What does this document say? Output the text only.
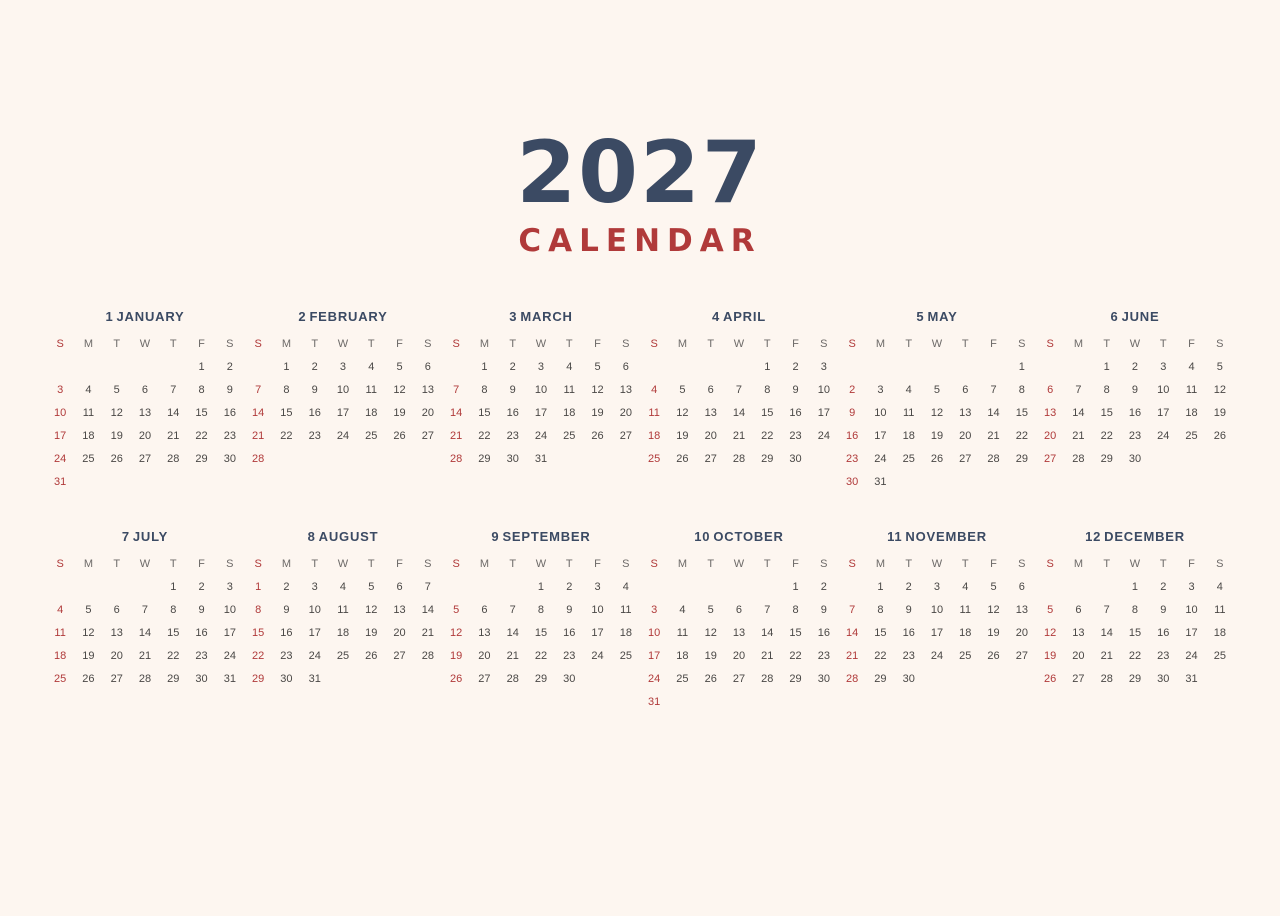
2027
CALENDAR
1 JANUARY
S	M	T	W	T	F	S
					1	2
3	4	5	6	7	8	9
10	11	12	13	14	15	16
17	18	19	20	21	22	23
24	25	26	27	28	29	30
31						
2 FEBRUARY
S	M	T	W	T	F	S
	1	2	3	4	5	6
7	8	9	10	11	12	13
14	15	16	17	18	19	20
21	22	23	24	25	26	27
28						
3 MARCH
S	M	T	W	T	F	S
	1	2	3	4	5	6
7	8	9	10	11	12	13
14	15	16	17	18	19	20
21	22	23	24	25	26	27
28	29	30	31			
4 APRIL
S	M	T	W	T	F	S
				1	2	3
4	5	6	7	8	9	10
11	12	13	14	15	16	17
18	19	20	21	22	23	24
25	26	27	28	29	30	
5 MAY
S	M	T	W	T	F	S
						1
2	3	4	5	6	7	8
9	10	11	12	13	14	15
16	17	18	19	20	21	22
23	24	25	26	27	28	29
30	31					
6 JUNE
S	M	T	W	T	F	S
		1	2	3	4	5
6	7	8	9	10	11	12
13	14	15	16	17	18	19
20	21	22	23	24	25	26
27	28	29	30			
7 JULY
S	M	T	W	T	F	S
				1	2	3
4	5	6	7	8	9	10
11	12	13	14	15	16	17
18	19	20	21	22	23	24
25	26	27	28	29	30	31
8 AUGUST
S	M	T	W	T	F	S
1	2	3	4	5	6	7
8	9	10	11	12	13	14
15	16	17	18	19	20	21
22	23	24	25	26	27	28
29	30	31				
9 SEPTEMBER
S	M	T	W	T	F	S
			1	2	3	4
5	6	7	8	9	10	11
12	13	14	15	16	17	18
19	20	21	22	23	24	25
26	27	28	29	30		
10 OCTOBER
S	M	T	W	T	F	S
					1	2
3	4	5	6	7	8	9
10	11	12	13	14	15	16
17	18	19	20	21	22	23
24	25	26	27	28	29	30
31						
11 NOVEMBER
S	M	T	W	T	F	S
	1	2	3	4	5	6
7	8	9	10	11	12	13
14	15	16	17	18	19	20
21	22	23	24	25	26	27
28	29	30				
12 DECEMBER
S	M	T	W	T	F	S
			1	2	3	4
5	6	7	8	9	10	11
12	13	14	15	16	17	18
19	20	21	22	23	24	25
26	27	28	29	30	31	
